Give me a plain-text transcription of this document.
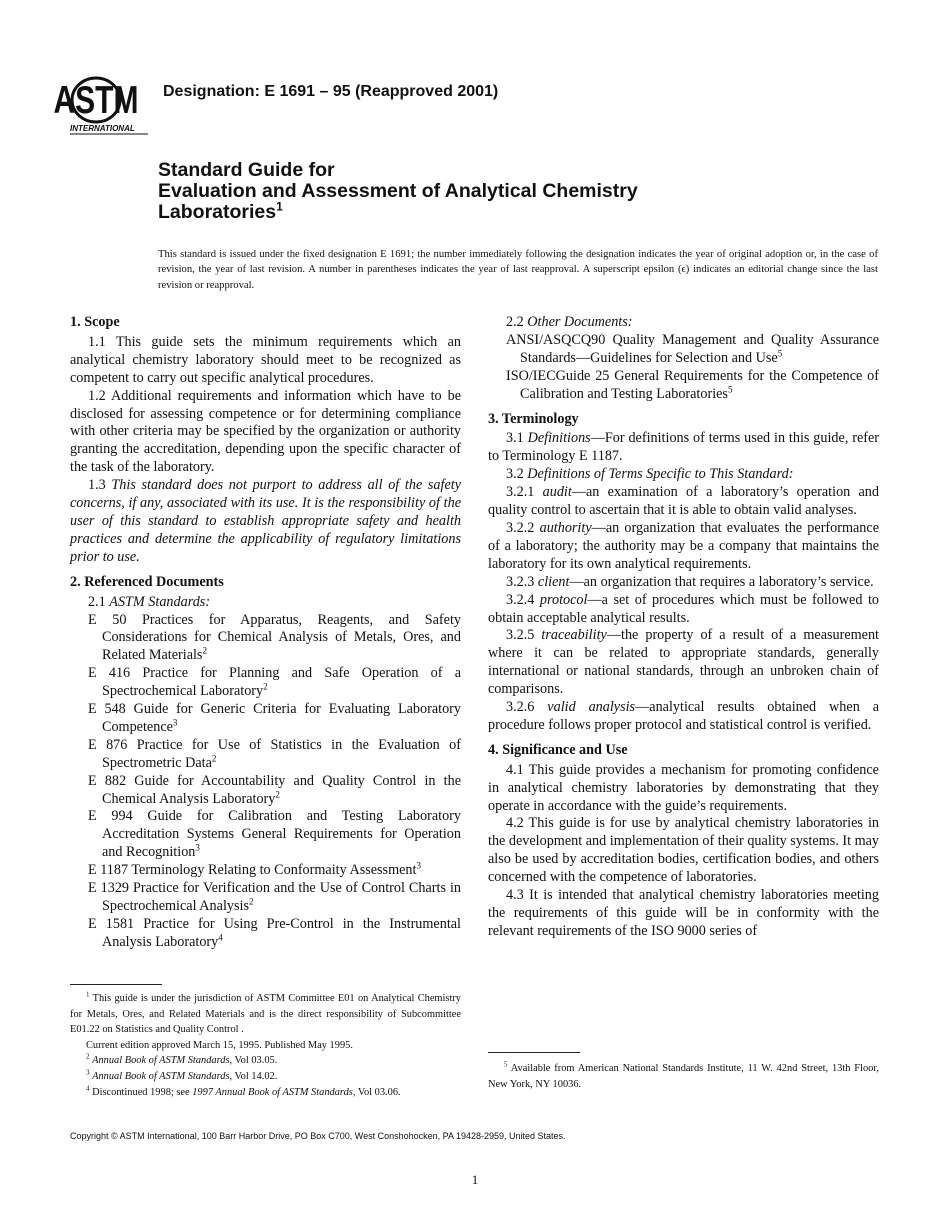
ASTM
INTERNATIONAL
Designation: E 1691 – 95 (Reapproved 2001)
Standard Guide for
Evaluation and Assessment of Analytical Chemistry
Laboratories$^1$
This standard is issued under the fixed designation E 1691; the number immediately following the designation indicates the year of original adoption or, in the case of revision, the year of last revision. A number in parentheses indicates the year of last reapproval. A superscript epsilon (ϵ) indicates an editorial change since the last revision or reapproval.
1. Scope
1.1 This guide sets the minimum requirements which an analytical chemistry laboratory should meet to be recognized as competent to carry out specific analytical procedures.
1.2 Additional requirements and information which have to be disclosed for assessing competence or for determining compliance with other criteria may be specified by the organization or authority granting the accreditation, depending upon the specific character of the task of the laboratory.
1.3 This standard does not purport to address all of the safety concerns, if any, associated with its use. It is the responsibility of the user of this standard to establish appropriate safety and health practices and determine the applicability of regulatory limitations prior to use.
2. Referenced Documents
2.1 ASTM Standards:
E 50 Practices for Apparatus, Reagents, and Safety Considerations for Chemical Analysis of Metals, Ores, and Related Materials$^2$
E 416 Practice for Planning and Safe Operation of a Spectrochemical Laboratory$^2$
E 548 Guide for Generic Criteria for Evaluating Laboratory Competence$^3$
E 876 Practice for Use of Statistics in the Evaluation of Spectrometric Data$^2$
E 882 Guide for Accountability and Quality Control in the Chemical Analysis Laboratory$^2$
E 994 Guide for Calibration and Testing Laboratory Accreditation Systems General Requirements for Operation and Recognition$^3$
E 1187 Terminology Relating to Conformaity Assessment$^3$
E 1329 Practice for Verification and the Use of Control Charts in Spectrochemical Analysis$^2$
E 1581 Practice for Using Pre-Control in the Instrumental Analysis Laboratory$^4$
2.2 Other Documents:
ANSI/ASQCQ90 Quality Management and Quality Assurance Standards—Guidelines for Selection and Use$^5$
ISO/IECGuide 25 General Requirements for the Competence of Calibration and Testing Laboratories$^5$
3. Terminology
3.1 Definitions—For definitions of terms used in this guide, refer to Terminology E 1187.
3.2 Definitions of Terms Specific to This Standard:
3.2.1 audit—an examination of a laboratory’s operation and quality control to ascertain that it is able to obtain valid analyses.
3.2.2 authority—an organization that evaluates the performance of a laboratory; the authority may be a company that maintains the laboratory for its own analytical requirements.
3.2.3 client—an organization that requires a laboratory’s service.
3.2.4 protocol—a set of procedures which must be followed to obtain acceptable analytical results.
3.2.5 traceability—the property of a result of a measurement where it can be related to appropriate standards, generally international or national standards, through an unbroken chain of comparisons.
3.2.6 valid analysis—analytical results obtained when a procedure follows proper protocol and statistical control is verified.
4. Significance and Use
4.1 This guide provides a mechanism for promoting confidence in analytical chemistry laboratories by demonstrating that they operate in accordance with the guide’s requirements.
4.2 This guide is for use by analytical chemistry laboratories in the development and implementation of their quality systems. It may also be used by accreditation bodies, certification bodies, and others concerned with the competence of laboratories.
4.3 It is intended that analytical chemistry laboratories meeting the requirements of this guide will be in conformity with the relevant requirements of the ISO 9000 series of
$^1$ This guide is under the jurisdiction of ASTM Committee E01 on Analytical Chemistry for Metals, Ores, and Related Materials and is the direct responsibility of Subcommittee E01.22 on Statistics and Quality Control .
Current edition approved March 15, 1995. Published May 1995.
$^2$ Annual Book of ASTM Standards, Vol 03.05.
$^3$ Annual Book of ASTM Standards, Vol 14.02.
$^4$ Discontinued 1998; see 1997 Annual Book of ASTM Standards, Vol 03.06.
$^5$ Available from American National Standards Institute, 11 W. 42nd Street, 13th Floor, New York, NY 10036.
Copyright © ASTM International, 100 Barr Harbor Drive, PO Box C700, West Conshohocken, PA 19428-2959, United States.
1
